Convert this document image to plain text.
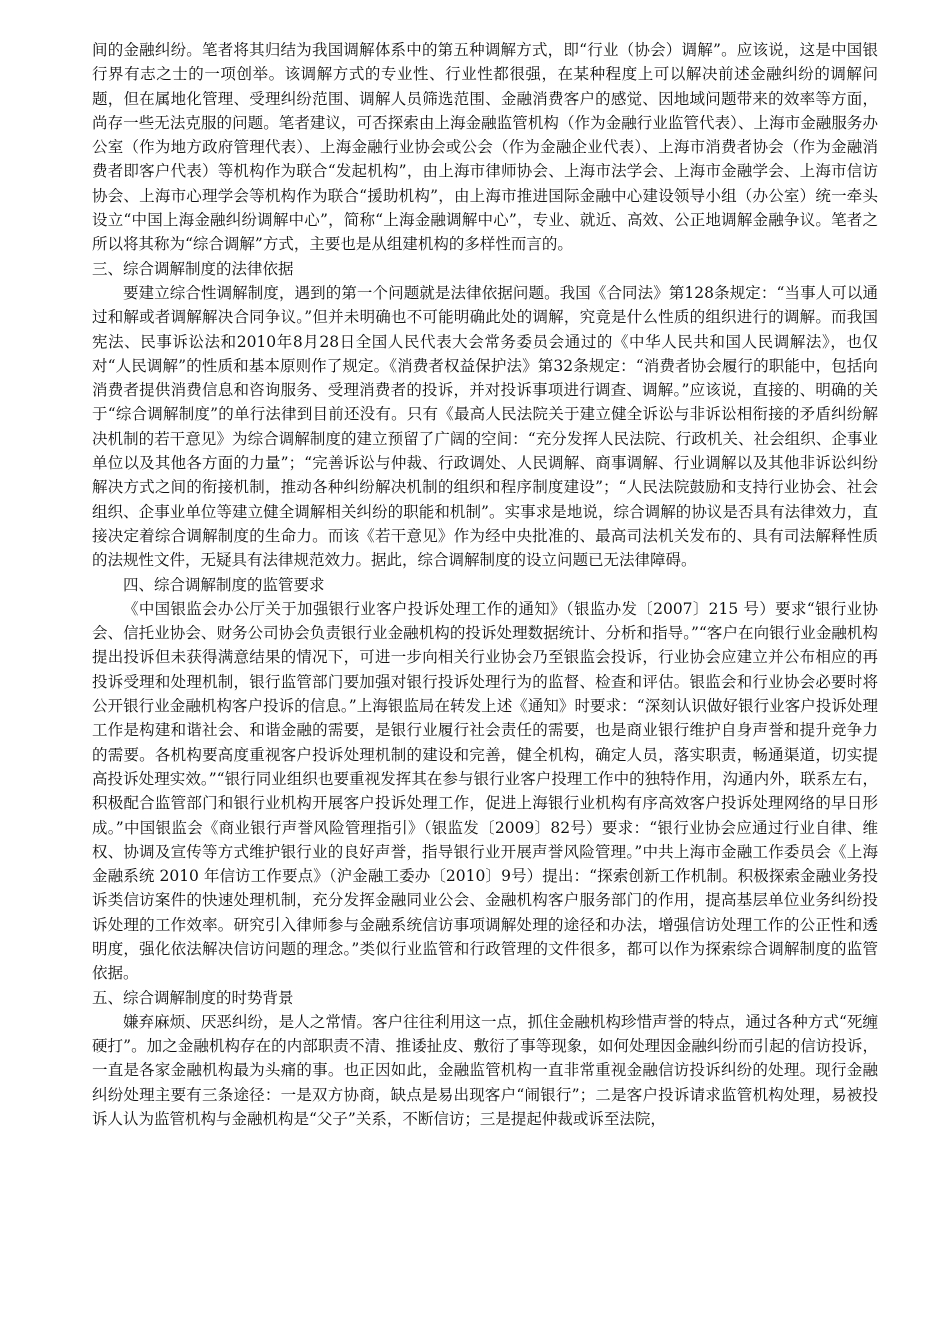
间的金融纠纷。笔者将其归结为我国调解体系中的第五种调解方式，即“行业（协会）调解”。应该说，这是中国银行界有志之士的一项创举。该调解方式的专业性、行业性都很强，在某种程度上可以解决前述金融纠纷的调解问题，但在属地化管理、受理纠纷范围、调解人员筛选范围、金融消费客户的感觉、因地域问题带来的效率等方面，尚存一些无法克服的问题。笔者建议，可否探索由上海金融监管机构（作为金融行业监管代表）、上海市金融服务办公室（作为地方政府管理代表）、上海金融行业协会或公会（作为金融企业代表）、上海市消费者协会（作为金融消费者即客户代表）等机构作为联合“发起机构”，由上海市律师协会、上海市法学会、上海市金融学会、上海市信访协会、上海市心理学会等机构作为联合“援助机构”，由上海市推进国际金融中心建设领导小组（办公室）统一牵头设立“中国上海金融纠纷调解中心”，简称“上海金融调解中心”，专业、就近、高效、公正地调解金融争议。笔者之所以将其称为“综合调解”方式，主要也是从组建机构的多样性而言的。

三、综合调解制度的法律依据

要建立综合性调解制度，遇到的第一个问题就是法律依据问题。我国《合同法》第128条规定：“当事人可以通过和解或者调解解决合同争议。”但并未明确也不可能明确此处的调解，究竟是什么性质的组织进行的调解。而我国宪法、民事诉讼法和2010年8月28日全国人民代表大会常务委员会通过的《中华人民共和国人民调解法》，也仅对“人民调解”的性质和基本原则作了规定。《消费者权益保护法》第32条规定：“消费者协会履行的职能中，包括向消费者提供消费信息和咨询服务、受理消费者的投诉，并对投诉事项进行调查、调解。”应该说，直接的、明确的关于“综合调解制度”的单行法律到目前还没有。只有《最高人民法院关于建立健全诉讼与非诉讼相衔接的矛盾纠纷解决机制的若干意见》为综合调解制度的建立预留了广阔的空间：“充分发挥人民法院、行政机关、社会组织、企事业单位以及其他各方面的力量”；“完善诉讼与仲裁、行政调处、人民调解、商事调解、行业调解以及其他非诉讼纠纷解决方式之间的衔接机制，推动各种纠纷解决机制的组织和程序制度建设”；“人民法院鼓励和支持行业协会、社会组织、企事业单位等建立健全调解相关纠纷的职能和机制”。实事求是地说，综合调解的协议是否具有法律效力，直接决定着综合调解制度的生命力。而该《若干意见》作为经中央批准的、最高司法机关发布的、具有司法解释性质的法规性文件，无疑具有法律规范效力。据此，综合调解制度的设立问题已无法律障碍。

四、综合调解制度的监管要求

《中国银监会办公厅关于加强银行业客户投诉处理工作的通知》（银监办发〔2007〕215 号）要求“银行业协会、信托业协会、财务公司协会负责银行业金融机构的投诉处理数据统计、分析和指导。”“客户在向银行业金融机构提出投诉但未获得满意结果的情况下，可进一步向相关行业协会乃至银监会投诉，行业协会应建立并公布相应的再投诉受理和处理机制，银行监管部门要加强对银行投诉处理行为的监督、检查和评估。银监会和行业协会必要时将公开银行业金融机构客户投诉的信息。”上海银监局在转发上述《通知》时要求：“深刻认识做好银行业客户投诉处理工作是构建和谐社会、和谐金融的需要，是银行业履行社会责任的需要，也是商业银行维护自身声誉和提升竞争力的需要。各机构要高度重视客户投诉处理机制的建设和完善，健全机构，确定人员，落实职责，畅通渠道，切实提高投诉处理实效。”“银行同业组织也要重视发挥其在参与银行业客户投理工作中的独特作用，沟通内外，联系左右，积极配合监管部门和银行业机构开展客户投诉处理工作，促进上海银行业机构有序高效客户投诉处理网络的早日形成。”中国银监会《商业银行声誉风险管理指引》（银监发〔2009〕82号）要求：“银行业协会应通过行业自律、维权、协调及宣传等方式维护银行业的良好声誉，指导银行业开展声誉风险管理。”中共上海市金融工作委员会《上海金融系统 2010 年信访工作要点》（沪金融工委办〔2010〕9号）提出：“探索创新工作机制。积极探索金融业务投诉类信访案件的快速处理机制，充分发挥金融同业公会、金融机构客户服务部门的作用，提高基层单位业务纠纷投诉处理的工作效率。研究引入律师参与金融系统信访事项调解处理的途径和办法，增强信访处理工作的公正性和透明度，强化依法解决信访问题的理念。”类似行业监管和行政管理的文件很多，都可以作为探索综合调解制度的监管依据。

五、综合调解制度的时势背景

嫌弃麻烦、厌恶纠纷，是人之常情。客户往往利用这一点，抓住金融机构珍惜声誉的特点，通过各种方式“死缠硬打”。加之金融机构存在的内部职责不清、推诿扯皮、敷衍了事等现象，如何处理因金融纠纷而引起的信访投诉，一直是各家金融机构最为头痛的事。也正因如此，金融监管机构一直非常重视金融信访投诉纠纷的处理。现行金融纠纷处理主要有三条途径：一是双方协商，缺点是易出现客户“闹银行”；二是客户投诉请求监管机构处理，易被投诉人认为监管机构与金融机构是“父子”关系，不断信访；三是提起仲裁或诉至法院，
